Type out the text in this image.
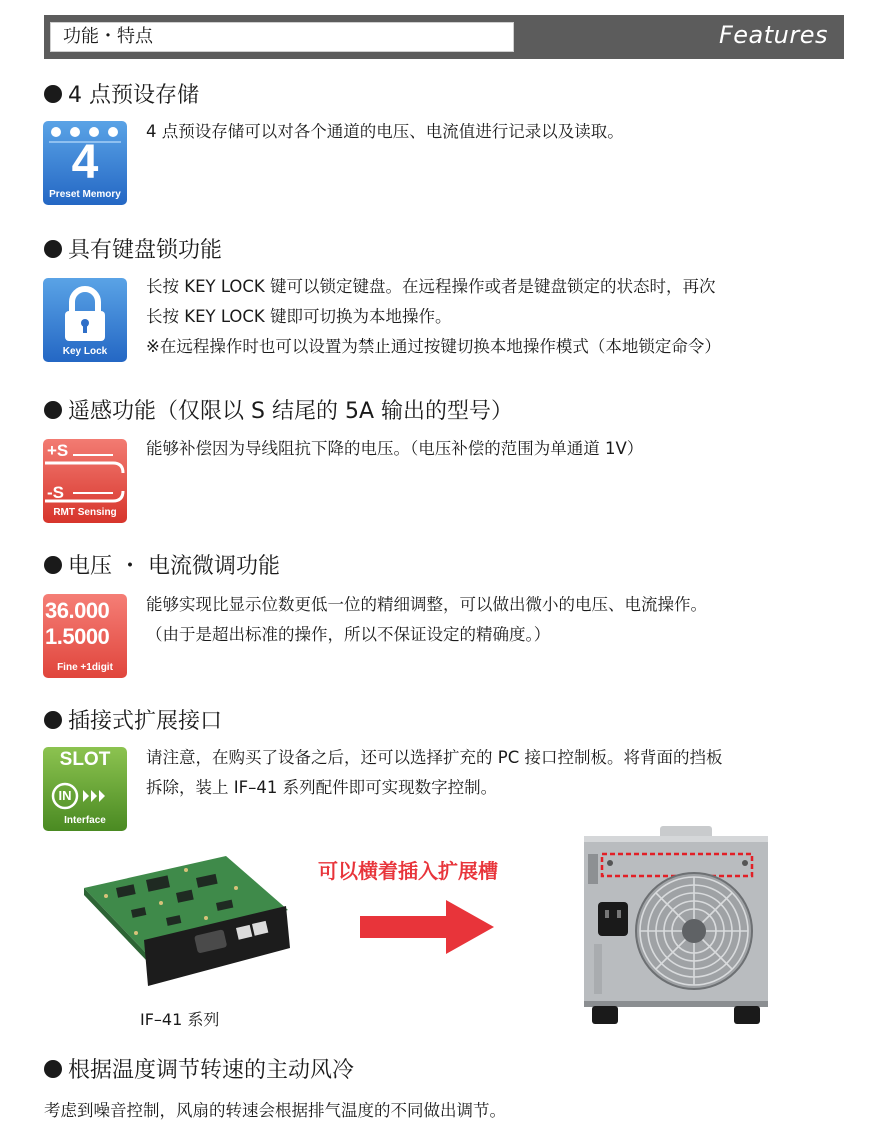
功能・特点	Features
4 点预设存储
4
Preset Memory

4 点预设存储可以对各个通道的电压、电流值进行记录以及读取。

具有键盘锁功能
Key Lock

长按 KEY LOCK 键可以锁定键盘。在远程操作或者是键盘锁定的状态时，再次

长按 KEY LOCK 键即可切换为本地操作。

※在远程操作时也可以设置为禁止通过按键切换本地操作模式（本地锁定命令）

遥感功能（仅限以 S 结尾的 5A 输出的型号）
+S
-S
RMT Sensing

能够补偿因为导线阻抗下降的电压。（电压补偿的范围为单通道 1V）

电压 ・ 电流微调功能
36.000
1.5000
Fine +1digit

能够实现比显示位数更低一位的精细调整，可以做出微小的电压、电流操作。

（由于是超出标准的操作，所以不保证设定的精确度。）

插接式扩展接口
SLOT
IN
Interface

请注意，在购买了设备之后，还可以选择扩充的 PC 接口控制板。将背面的挡板

拆除，装上 IF–41 系列配件即可实现数字控制。

可以横着插入扩展槽
IF–41 系列
根据温度调节转速的主动风冷
考虑到噪音控制，风扇的转速会根据排气温度的不同做出调节。
